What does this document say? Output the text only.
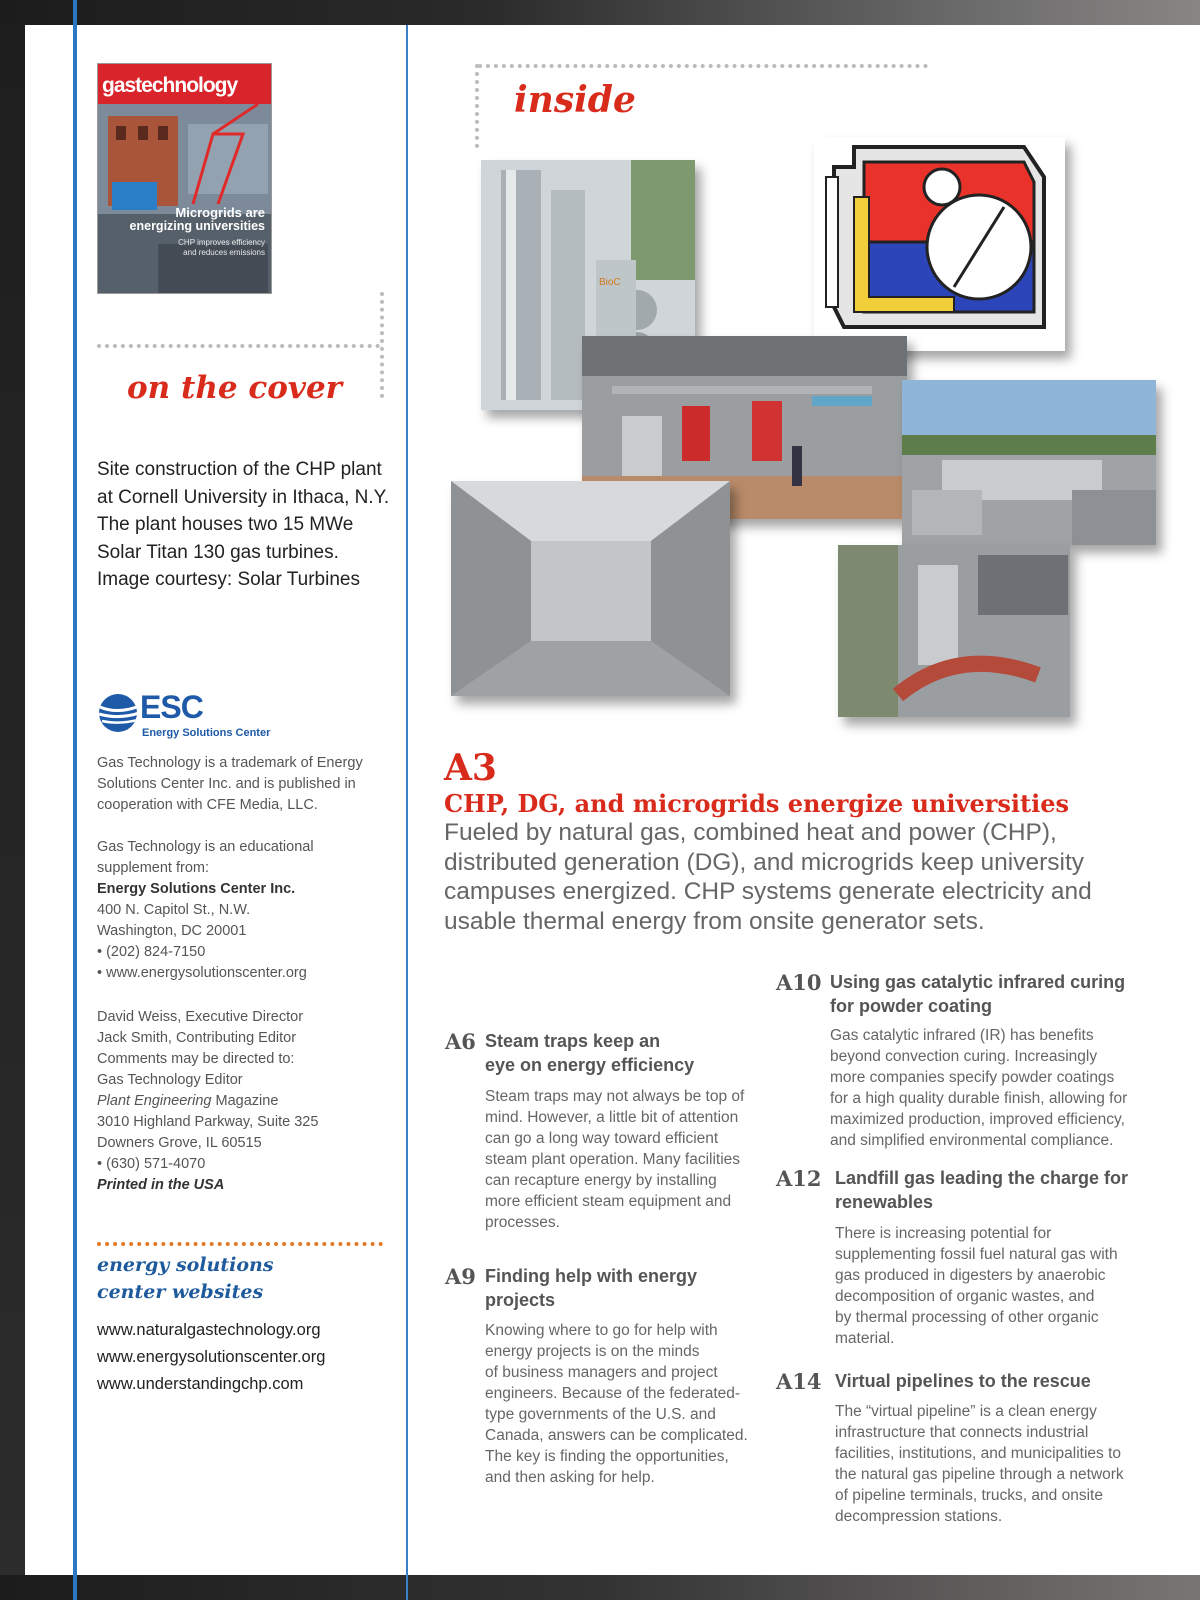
gastechnology
Microgrids are
energizing universities
CHP improves efficiency
and reduces emissions
on the cover
Site construction of the CHP plant
at Cornell University in Ithaca, N.Y.
The plant houses two 15 MWe
Solar Titan 130 gas turbines.
Image courtesy: Solar Turbines
ESC
Energy Solutions Center
Gas Technology is a trademark of Energy
Solutions Center Inc. and is published in
cooperation with CFE Media, LLC.
Gas Technology is an educational
supplement from:
Energy Solutions Center Inc.
400 N. Capitol St., N.W.
Washington, DC 20001
• (202) 824-7150
• www.energysolutionscenter.org
David Weiss, Executive Director
Jack Smith, Contributing Editor
Comments may be directed to:
Gas Technology Editor
Plant Engineering Magazine
3010 Highland Parkway, Suite 325
Downers Grove, IL 60515
• (630) 571-4070
Printed in the USA
energy solutions
center websites
www.naturalgastechnology.org
www.energysolutionscenter.org
www.understandingchp.com
inside
BioC
A3
CHP, DG, and microgrids energize universities
Fueled by natural gas, combined heat and power (CHP),
distributed generation (DG), and microgrids keep university
campuses energized. CHP systems generate electricity and
usable thermal energy from onsite generator sets.
A6 Steam traps keep an
eye on energy efficiency
Steam traps may not always be top of
mind. However, a little bit of attention
can go a long way toward efficient
steam plant operation. Many facilities
can recapture energy by installing
more efficient steam equipment and
processes.
A9 Finding help with energy
projects
Knowing where to go for help with
energy projects is on the minds
of business managers and project
engineers. Because of the federated-
type governments of the U.S. and
Canada, answers can be complicated.
The key is finding the opportunities,
and then asking for help.
A10 Using gas catalytic infrared curing
for powder coating
Gas catalytic infrared (IR) has benefits
beyond convection curing. Increasingly
more companies specify powder coatings
for a high quality durable finish, allowing for
maximized production, improved efficiency,
and simplified environmental compliance.
A12 Landfill gas leading the charge for
renewables
There is increasing potential for
supplementing fossil fuel natural gas with
gas produced in digesters by anaerobic
decomposition of organic wastes, and
by thermal processing of other organic
material.
A14 Virtual pipelines to the rescue
The “virtual pipeline” is a clean energy
infrastructure that connects industrial
facilities, institutions, and municipalities to
the natural gas pipeline through a network
of pipeline terminals, trucks, and onsite
decompression stations.
